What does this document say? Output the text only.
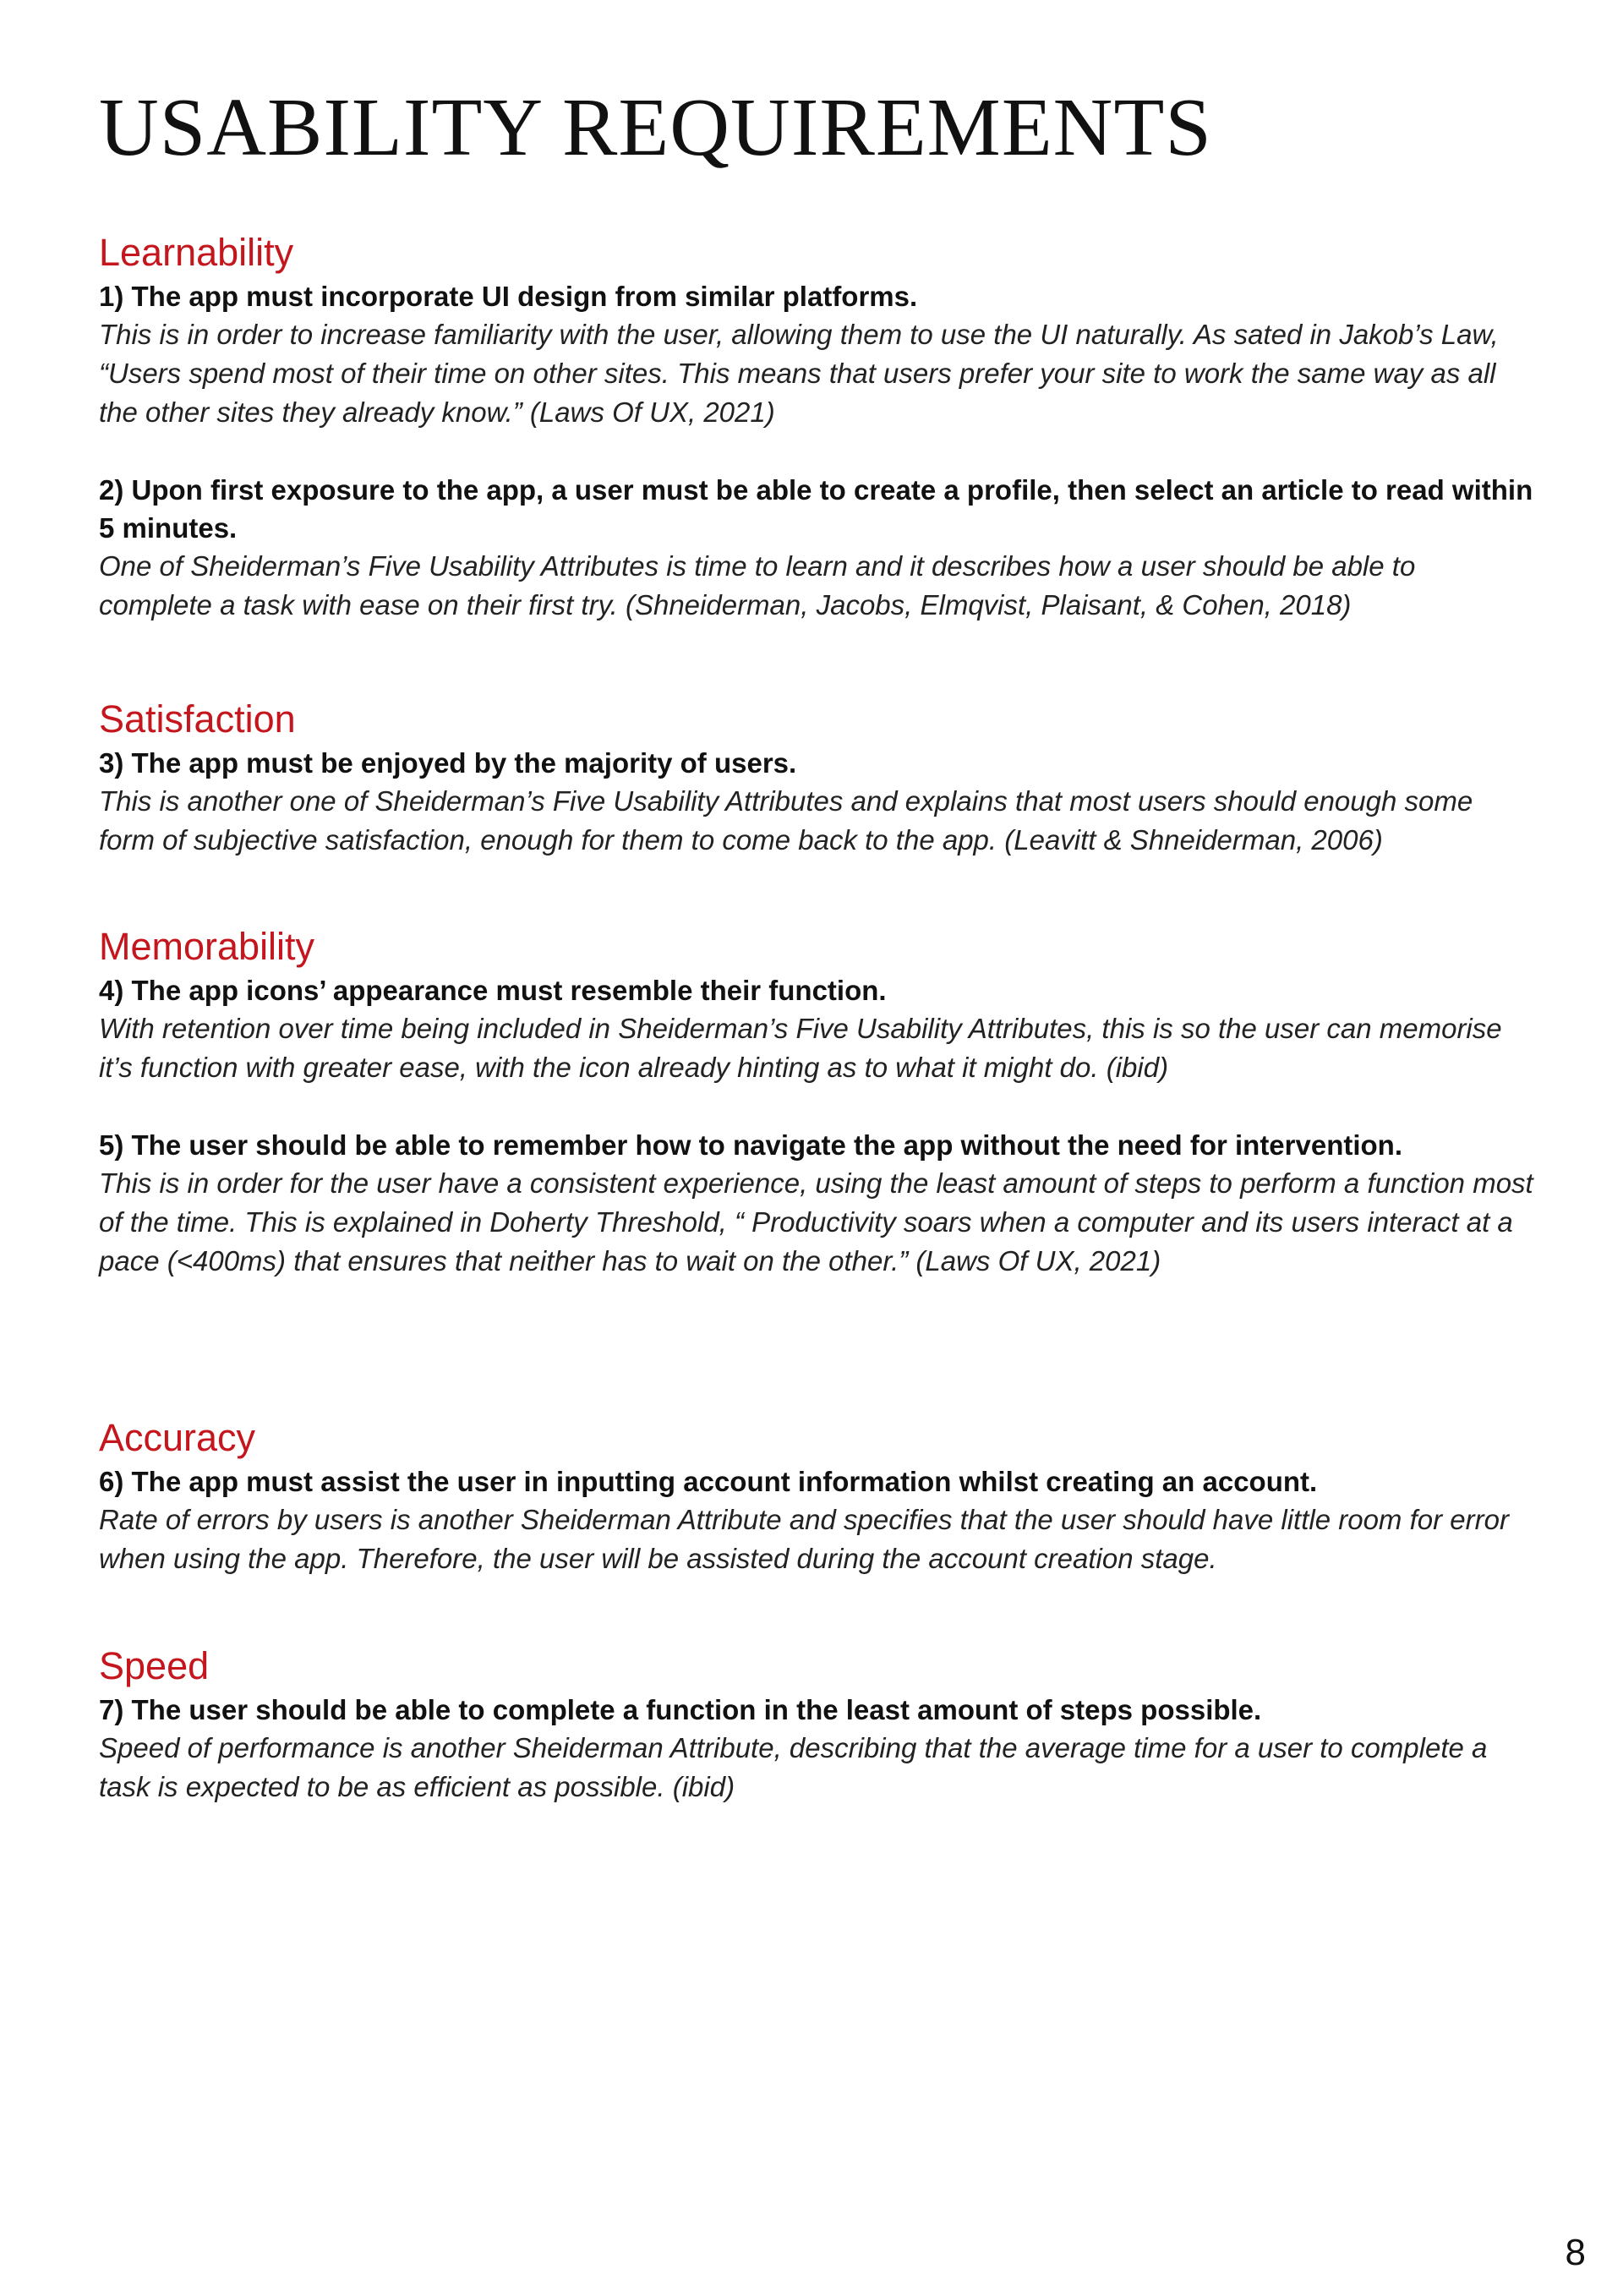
USABILITY REQUIREMENTS
Learnability

1) The app must incorporate UI design from similar platforms.

This is in order to increase familiarity with the user, allowing them to use the UI naturally. As sated in Jakob’s Law, “Users spend most of their time on other sites. This means that users prefer your site to work the same way as all the other sites they already know.” (Laws Of UX, 2021)

2) Upon first exposure to the app, a user must be able to create a profile, then select an article to read within 5 minutes.

One of Sheiderman’s Five Usability Attributes is time to learn and it describes how a user should be able to complete a task with ease on their first try. (Shneiderman, Jacobs, Elmqvist, Plaisant, & Cohen, 2018)

Satisfaction

3) The app must be enjoyed by the majority of users.

This is another one of Sheiderman’s Five Usability Attributes and explains that most users should enough some form of subjective satisfaction, enough for them to come back to the app. (Leavitt & Shneiderman, 2006)

Memorability

4) The app icons’ appearance must resemble their function.

With retention over time being included in Sheiderman’s Five Usability Attributes, this is so the user can memorise it’s function with greater ease, with the icon already hinting as to what it might do. (ibid)

5) The user should be able to remember how to navigate the app without the need for intervention.

This is in order for the user have a consistent experience, using the least amount of steps to perform a function most of the time. This is explained in Doherty Threshold, “ Productivity soars when a computer and its users interact at a pace (<400ms) that ensures that neither has to wait on the other.” (Laws Of UX, 2021)

Accuracy

6) The app must assist the user in inputting account information whilst creating an account.

Rate of errors by users is another Sheiderman Attribute and specifies that the user should have little room for error when using the app. Therefore, the user will be assisted during the account creation stage.

Speed

7) The user should be able to complete a function in the least amount of steps possible.

Speed of performance is another Sheiderman Attribute, describing that the average time for a user to complete a task is expected to be as efficient as possible. (ibid)

8
